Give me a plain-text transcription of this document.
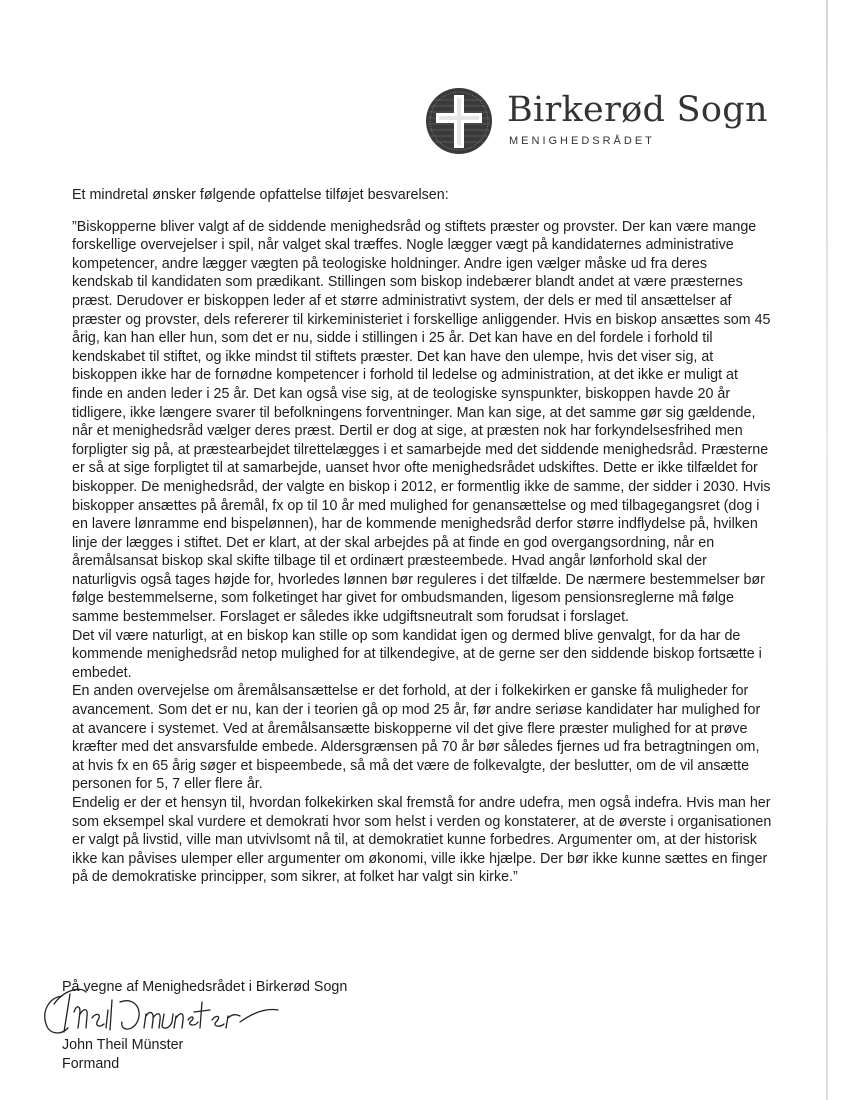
Birkerød Sogn
MENIGHEDSRÅDET

Et mindretal ønsker følgende opfattelse tilføjet besvarelsen:

”Biskopperne bliver valgt af de siddende menighedsråd og stiftets præster og provster. Der kan være mange forskellige overvejelser i spil, når valget skal træffes. Nogle lægger vægt på kandidaternes administrative kompetencer, andre lægger vægten på teologiske holdninger. Andre igen vælger måske ud fra deres kendskab til kandidaten som prædikant. Stillingen som biskop indebærer blandt andet at være præsternes præst. Derudover er biskoppen leder af et større administrativt system, der dels er med til ansættelser af præster og provster, dels refererer til kirkeministeriet i forskellige anliggender. Hvis en biskop ansættes som 45 årig, kan han eller hun, som det er nu, sidde i stillingen i 25 år. Det kan have en del fordele i forhold til kendskabet til stiftet, og ikke mindst til stiftets præster. Det kan have den ulempe, hvis det viser sig, at biskoppen ikke har de fornødne kompetencer i forhold til ledelse og administration, at det ikke er muligt at finde en anden leder i 25 år. Det kan også vise sig, at de teologiske synspunkter, biskoppen havde 20 år tidligere, ikke længere svarer til befolkningens forventninger. Man kan sige, at det samme gør sig gældende, når et menighedsråd vælger deres præst. Dertil er dog at sige, at præsten nok har forkyndelsesfrihed men forpligter sig på, at præstearbejdet tilrettelægges i et samarbejde med det siddende menighedsråd. Præsterne er så at sige forpligtet til at samarbejde, uanset hvor ofte menighedsrådet udskiftes. Dette er ikke tilfældet for biskopper. De menighedsråd, der valgte en biskop i 2012, er formentlig ikke de samme, der sidder i 2030. Hvis biskopper ansættes på åremål, fx op til 10 år med mulighed for genansættelse og med tilbagegangsret (dog i en lavere lønramme end bispelønnen), har de kommende menighedsråd derfor større indflydelse på, hvilken linje der lægges i stiftet. Det er klart, at der skal arbejdes på at finde en god overgangsordning, når en åremålsansat biskop skal skifte tilbage til et ordinært præsteembede. Hvad angår lønforhold skal der naturligvis også tages højde for, hvorledes lønnen bør reguleres i det tilfælde. De nærmere bestemmelser bør følge bestemmelserne, som folketinget har givet for ombudsmanden, ligesom pensionsreglerne må følge samme bestemmelser. Forslaget er således ikke udgiftsneutralt som forudsat i forslaget.

Det vil være naturligt, at en biskop kan stille op som kandidat igen og dermed blive genvalgt, for da har de kommende menighedsråd netop mulighed for at tilkendegive, at de gerne ser den siddende biskop fortsætte i embedet.

En anden overvejelse om åremålsansættelse er det forhold, at der i folkekirken er ganske få muligheder for avancement. Som det er nu, kan der i teorien gå op mod 25 år, før andre seriøse kandidater har mulighed for at avancere i systemet. Ved at åremålsansætte biskopperne vil det give flere præster mulighed for at prøve kræfter med det ansvarsfulde embede. Aldersgrænsen på 70 år bør således fjernes ud fra betragtningen om, at hvis fx en 65 årig søger et bispeembede, så må det være de folkevalgte, der beslutter, om de vil ansætte personen for 5, 7 eller flere år.

Endelig er der et hensyn til, hvordan folkekirken skal fremstå for andre udefra, men også indefra. Hvis man her som eksempel skal vurdere et demokrati hvor som helst i verden og konstaterer, at de øverste i organisationen er valgt på livstid, ville man utvivlsomt nå til, at demokratiet kunne forbedres. Argumenter om, at der historisk ikke kan påvises ulemper eller argumenter om økonomi, ville ikke hjælpe. Der bør ikke kunne sættes en finger på de demokratiske principper, som sikrer, at folket har valgt sin kirke.”

På vegne af Menighedsrådet i Birkerød Sogn
John Theil Münster
Formand
